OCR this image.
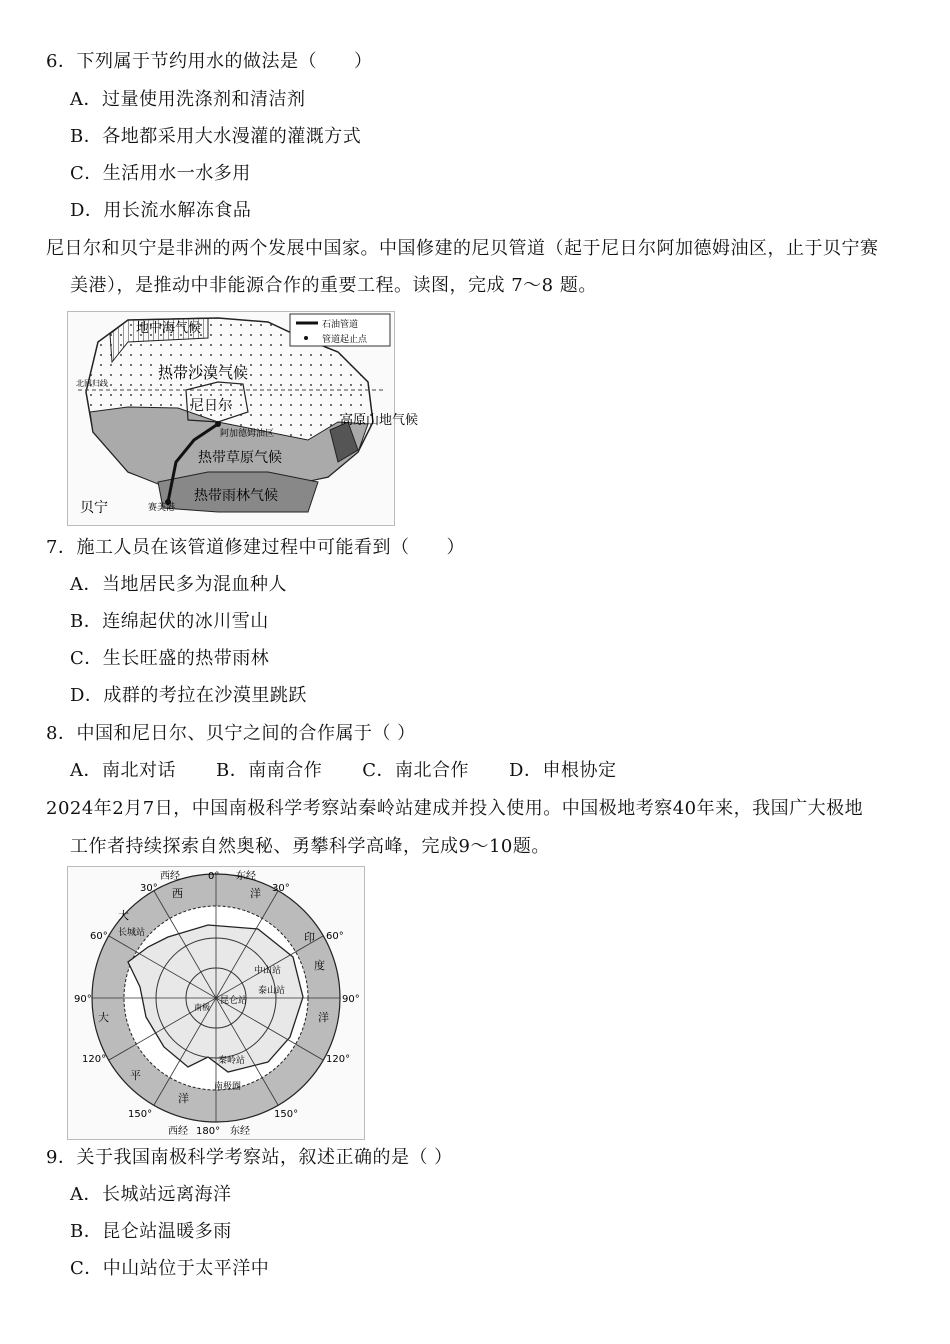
6．下列属于节约用水的做法是（　　）
A．过量使用洗涤剂和清洁剂
B．各地都采用大水漫灌的灌溉方式
C．生活用水一水多用
D．用长流水解冻食品
尼日尔和贝宁是非洲的两个发展中国家。中国修建的尼贝管道（起于尼日尔阿加德姆油区，止于贝宁赛
美港），是推动中非能源合作的重要工程。读图，完成 7～8 题。
石油管道
管道起止点
地中海气候
热带沙漠气候
北回归线
尼日尔
阿加德姆油区
高原山地气候
热带草原气候
热带雨林气候
贝宁	赛美港
7．施工人员在该管道修建过程中可能看到（　　）
A．当地居民多为混血种人
B．连绵起伏的冰川雪山
C．生长旺盛的热带雨林
D．成群的考拉在沙漠里跳跃
8．中国和尼日尔、贝宁之间的合作属于（ ）
A．南北对话 B．南南合作 C．南北合作 D．申根协定
2024年2月7日，中国南极科学考察站秦岭站建成并投入使用。中国极地考察40年来，我国广大极地
工作者持续探索自然奥秘、勇攀科学高峰，完成9～10题。
西经	0° 东经
30°	30°
60°	60°
90°	90°
120°	120°
150°	150°
西经 180° 东经
西	洋
大
印
度
洋
大
平
洋
长城站
中山站
泰山站
昆仑站
南极
秦岭站
南极圈
9．关于我国南极科学考察站，叙述正确的是（ ）
A．长城站远离海洋
B．昆仑站温暖多雨
C．中山站位于太平洋中
